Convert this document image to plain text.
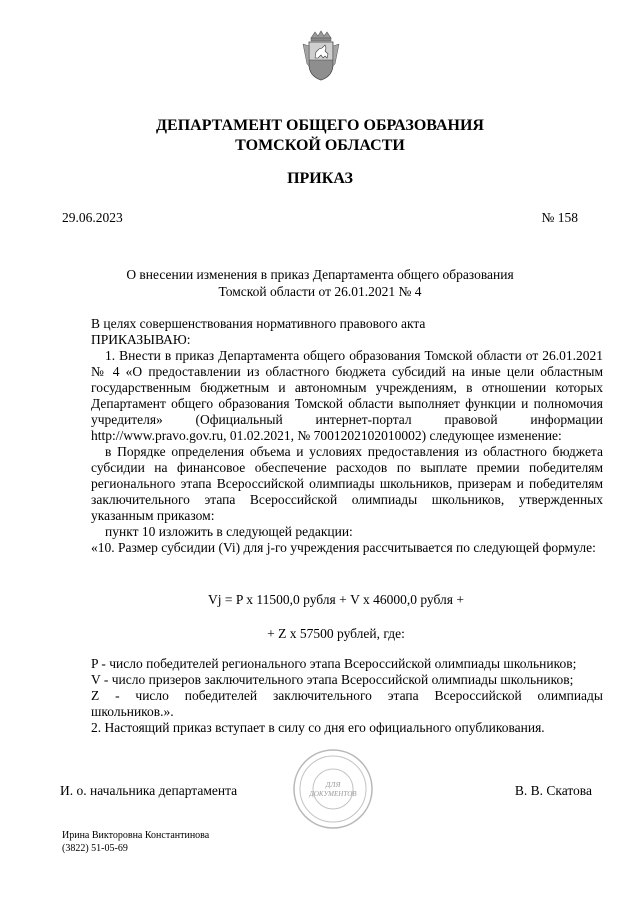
ДЕПАРТАМЕНТ ОБЩЕГО ОБРАЗОВАНИЯ
ТОМСКОЙ ОБЛАСТИ
ПРИКАЗ
29.06.2023	№ 158
О внесении изменения в приказ Департамента общего образования
Томской области от 26.01.2021 № 4

В целях совершенствования нормативного правового акта

ПРИКАЗЫВАЮ:

1. Внести в приказ Департамента общего образования Томской области от 26.01.2021 № 4 «О предоставлении из областного бюджета субсидий на иные цели областным государственным бюджетным и автономным учреждениям, в отношении которых Департамент общего образования Томской области выполняет функции и полномочия учредителя» (Официальный интернет-портал правовой информации http://www.pravo.gov.ru, 01.02.2021, № 7001202102010002) следующее изменение:

в Порядке определения объема и условиях предоставления из областного бюджета субсидии на финансовое обеспечение расходов по выплате премии победителям регионального этапа Всероссийской олимпиады школьников, призерам и победителям заключительного этапа Всероссийской олимпиады школьников, утвержденных указанным приказом:

пункт 10 изложить в следующей редакции:

«10. Размер субсидии (Vi) для j-го учреждения рассчитывается по следующей формуле:

Vj = P x 11500,0 рубля + V x 46000,0 рубля +
+ Z x 57500 рублей, где:

P - число победителей регионального этапа Всероссийской олимпиады школьников;

V - число призеров заключительного этапа Всероссийской олимпиады школьников;

Z - число победителей заключительного этапа Всероссийской олимпиады

школьников.».

2. Настоящий приказ вступает в силу со дня его официального опубликования.

ДЛЯ
ДОКУМЕНТОВ
И. о. начальника департамента	В. В. Скатова
Ирина Викторовна Константинова
(3822) 51-05-69
